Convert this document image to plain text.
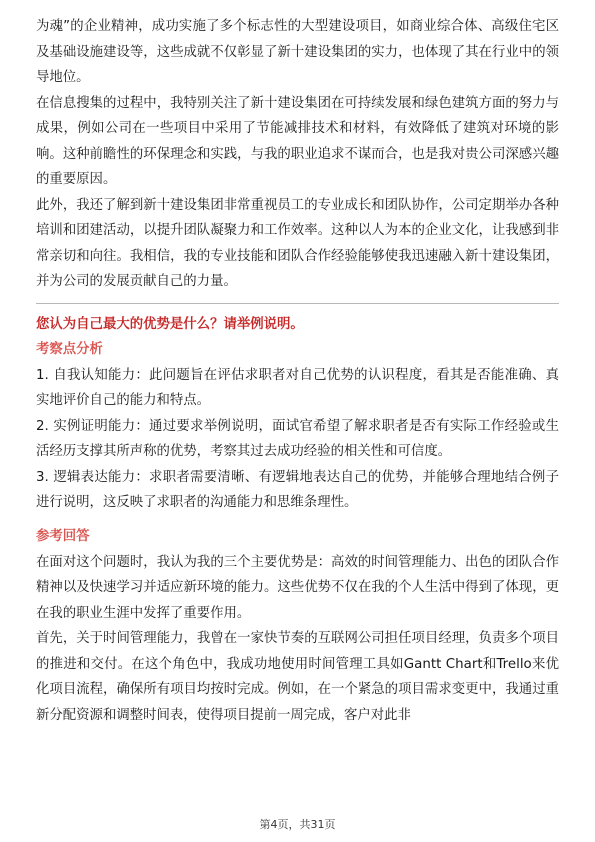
为魂”的企业精神，成功实施了多个标志性的大型建设项目，如商业综合体、高级住宅区及基础设施建设等，这些成就不仅彰显了新十建设集团的实力，也体现了其在行业中的领导地位。

在信息搜集的过程中，我特别关注了新十建设集团在可持续发展和绿色建筑方面的努力与成果，例如公司在一些项目中采用了节能减排技术和材料，有效降低了建筑对环境的影响。这种前瞻性的环保理念和实践，与我的职业追求不谋而合，也是我对贵公司深感兴趣的重要原因。

此外，我还了解到新十建设集团非常重视员工的专业成长和团队协作，公司定期举办各种培训和团建活动，以提升团队凝聚力和工作效率。这种以人为本的企业文化，让我感到非常亲切和向往。我相信，我的专业技能和团队合作经验能够使我迅速融入新十建设集团，并为公司的发展贡献自己的力量。

您认为自己最大的优势是什么？请举例说明。
考察点分析

1. 自我认知能力：此问题旨在评估求职者对自己优势的认识程度，看其是否能准确、真实地评价自己的能力和特点。

2. 实例证明能力：通过要求举例说明，面试官希望了解求职者是否有实际工作经验或生活经历支撑其所声称的优势，考察其过去成功经验的相关性和可信度。

3. 逻辑表达能力：求职者需要清晰、有逻辑地表达自己的优势，并能够合理地结合例子进行说明，这反映了求职者的沟通能力和思维条理性。

参考回答

在面对这个问题时，我认为我的三个主要优势是：高效的时间管理能力、出色的团队合作精神以及快速学习并适应新环境的能力。这些优势不仅在我的个人生活中得到了体现，更在我的职业生涯中发挥了重要作用。

首先，关于时间管理能力，我曾在一家快节奏的互联网公司担任项目经理，负责多个项目的推进和交付。在这个角色中，我成功地使用时间管理工具如Gantt Chart和Trello来优化项目流程，确保所有项目均按时完成。例如，在一个紧急的项目需求变更中，我通过重新分配资源和调整时间表，使得项目提前一周完成，客户对此非

第4页，共31页
